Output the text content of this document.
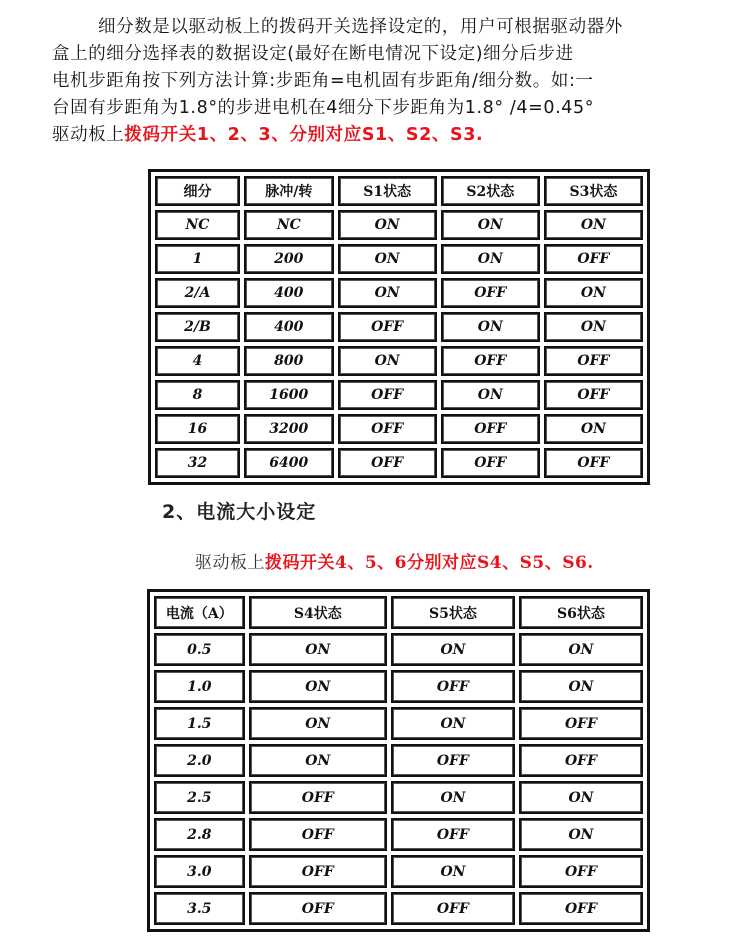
细分数是以驱动板上的拨码开关选择设定的，用户可根据驱动器外

盒上的细分选择表的数据设定(最好在断电情况下设定)细分后步进

电机步距角按下列方法计算:步距角=电机固有步距角/细分数。如:一

台固有步距角为1.8°的步进电机在4细分下步距角为1.8° /4=0.45°

驱动板上拨码开关1、2、3、分别对应S1、S2、S3.

细分	脉冲/转	S1状态	S2状态	S3状态
NC	NC	ON	ON	ON
1	200	ON	ON	OFF
2/A	400	ON	OFF	ON
2/B	400	OFF	ON	ON
4	800	ON	OFF	OFF
8	1600	OFF	ON	OFF
16	3200	OFF	OFF	ON
32	6400	OFF	OFF	OFF
2、电流大小设定
驱动板上拨码开关4、5、6分别对应S4、S5、S6.
电流（A）	S4状态	S5状态	S6状态
0.5	ON	ON	ON
1.0	ON	OFF	ON
1.5	ON	ON	OFF
2.0	ON	OFF	OFF
2.5	OFF	ON	ON
2.8	OFF	OFF	ON
3.0	OFF	ON	OFF
3.5	OFF	OFF	OFF
